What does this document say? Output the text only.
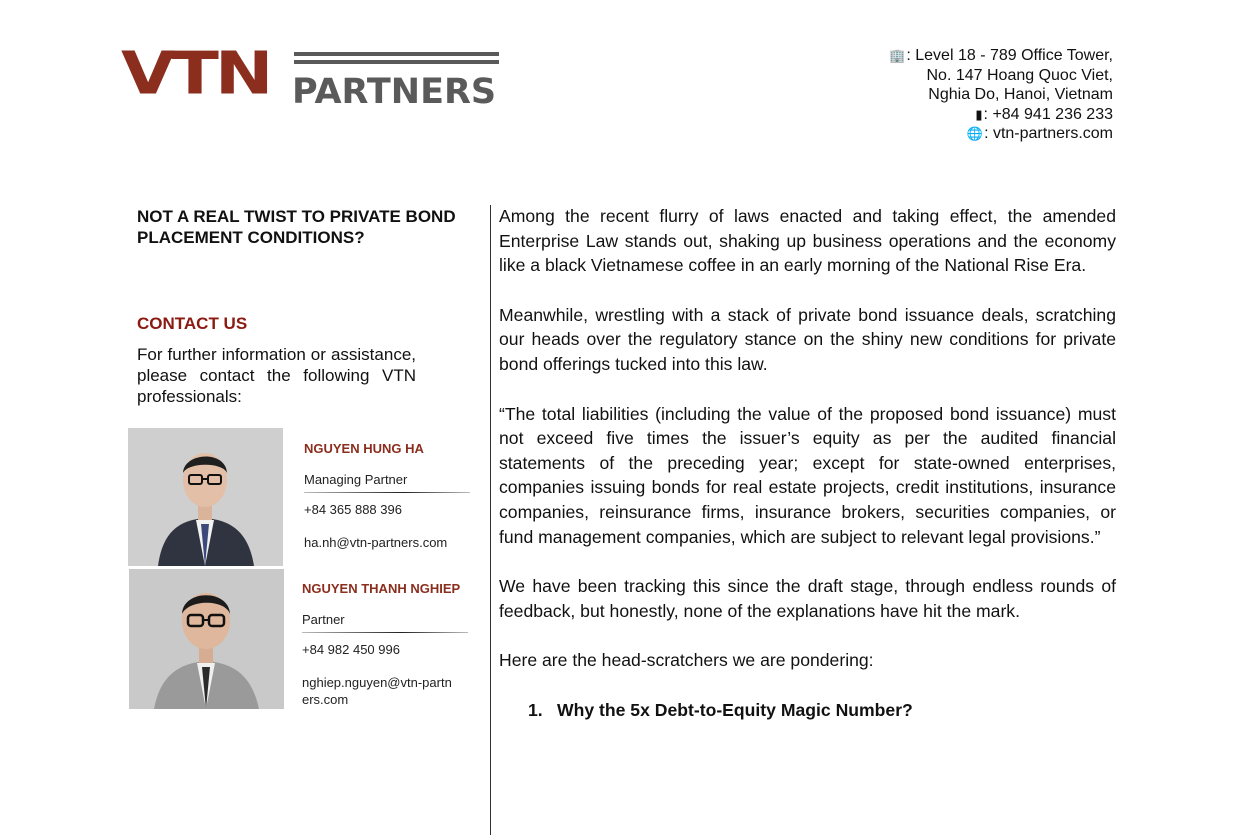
VTN PARTNERS
🏢: Level 18 - 789 Office Tower,
No. 147 Hoang Quoc Viet,
Nghia Do, Hanoi, Vietnam
▮: +84 941 236 233
🌐: vtn-partners.com
NOT A REAL TWIST TO PRIVATE BOND PLACEMENT CONDITIONS?
CONTACT US
For further information or assistance, please contact the following VTN professionals:
NGUYEN HUNG HA
Managing Partner
+84 365 888 396
ha.nh@vtn-partners.com
NGUYEN THANH NGHIEP
Partner
+84 982 450 996
nghiep.nguyen@vtn-partners.com

Among the recent flurry of laws enacted and taking effect, the amended Enterprise Law stands out, shaking up business operations and the economy like a black Vietnamese coffee in an early morning of the National Rise Era.

Meanwhile, wrestling with a stack of private bond issuance deals, scratching our heads over the regulatory stance on the shiny new conditions for private bond offerings tucked into this law.

“The total liabilities (including the value of the proposed bond issuance) must not exceed five times the issuer’s equity as per the audited financial statements of the preceding year; except for state-owned enterprises, companies issuing bonds for real estate projects, credit institutions, insurance companies, reinsurance firms, insurance brokers, securities companies, or fund management companies, which are subject to relevant legal provisions.”

We have been tracking this since the draft stage, through endless rounds of feedback, but honestly, none of the explanations have hit the mark.

Here are the head-scratchers we are pondering:

1. Why the 5x Debt-to-Equity Magic Number?
